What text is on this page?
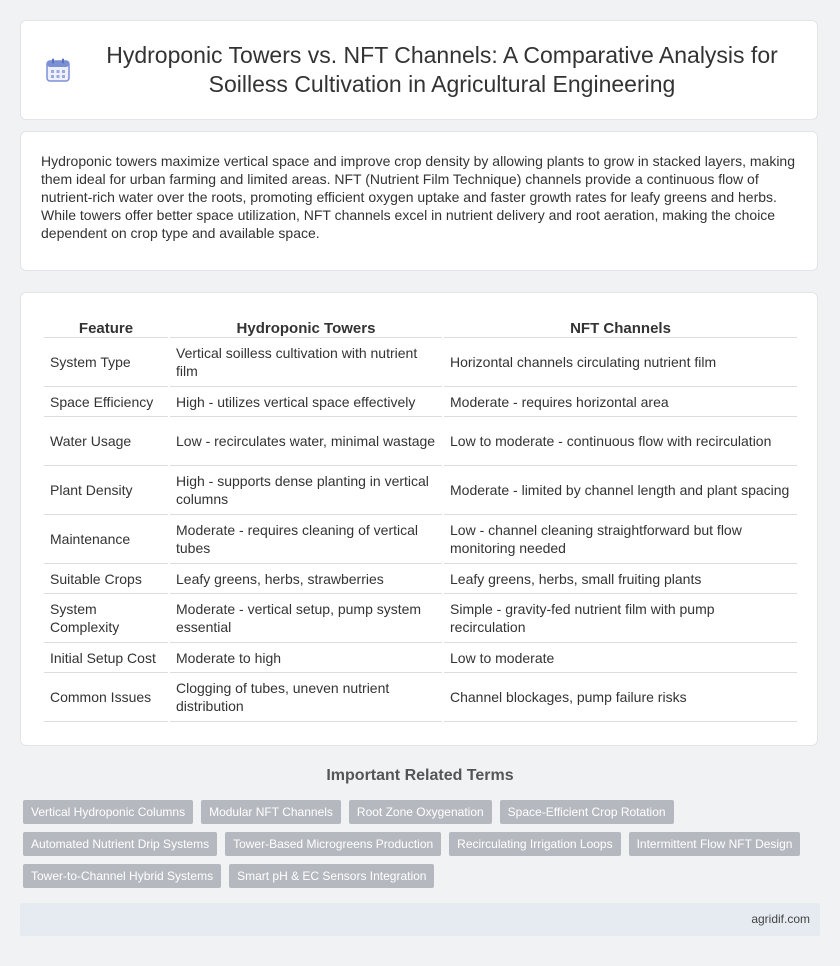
Hydroponic Towers vs. NFT Channels: A Comparative Analysis for Soilless Cultivation in Agricultural Engineering

Hydroponic towers maximize vertical space and improve crop density by allowing plants to grow in stacked layers, making them ideal for urban farming and limited areas. NFT (Nutrient Film Technique) channels provide a continuous flow of nutrient-rich water over the roots, promoting efficient oxygen uptake and faster growth rates for leafy greens and herbs. While towers offer better space utilization, NFT channels excel in nutrient delivery and root aeration, making the choice dependent on crop type and available space.

Feature	Hydroponic Towers	NFT Channels
System Type	Vertical soilless cultivation with nutrient film	Horizontal channels circulating nutrient film
Space Efficiency	High - utilizes vertical space effectively	Moderate - requires horizontal area
Water Usage	Low - recirculates water, minimal wastage	Low to moderate - continuous flow with recirculation
Plant Density	High - supports dense planting in vertical columns	Moderate - limited by channel length and plant spacing
Maintenance	Moderate - requires cleaning of vertical tubes	Low - channel cleaning straightforward but flow monitoring needed
Suitable Crops	Leafy greens, herbs, strawberries	Leafy greens, herbs, small fruiting plants
System Complexity	Moderate - vertical setup, pump system essential	Simple - gravity-fed nutrient film with pump recirculation
Initial Setup Cost	Moderate to high	Low to moderate
Common Issues	Clogging of tubes, uneven nutrient distribution	Channel blockages, pump failure risks
Important Related Terms
Vertical Hydroponic Columns	Modular NFT Channels	Root Zone Oxygenation	Space-Efficient Crop Rotation
Automated Nutrient Drip Systems	Tower-Based Microgreens Production	Recirculating Irrigation Loops	Intermittent Flow NFT Design
Tower-to-Channel Hybrid Systems	Smart pH & EC Sensors Integration
agridif.com
